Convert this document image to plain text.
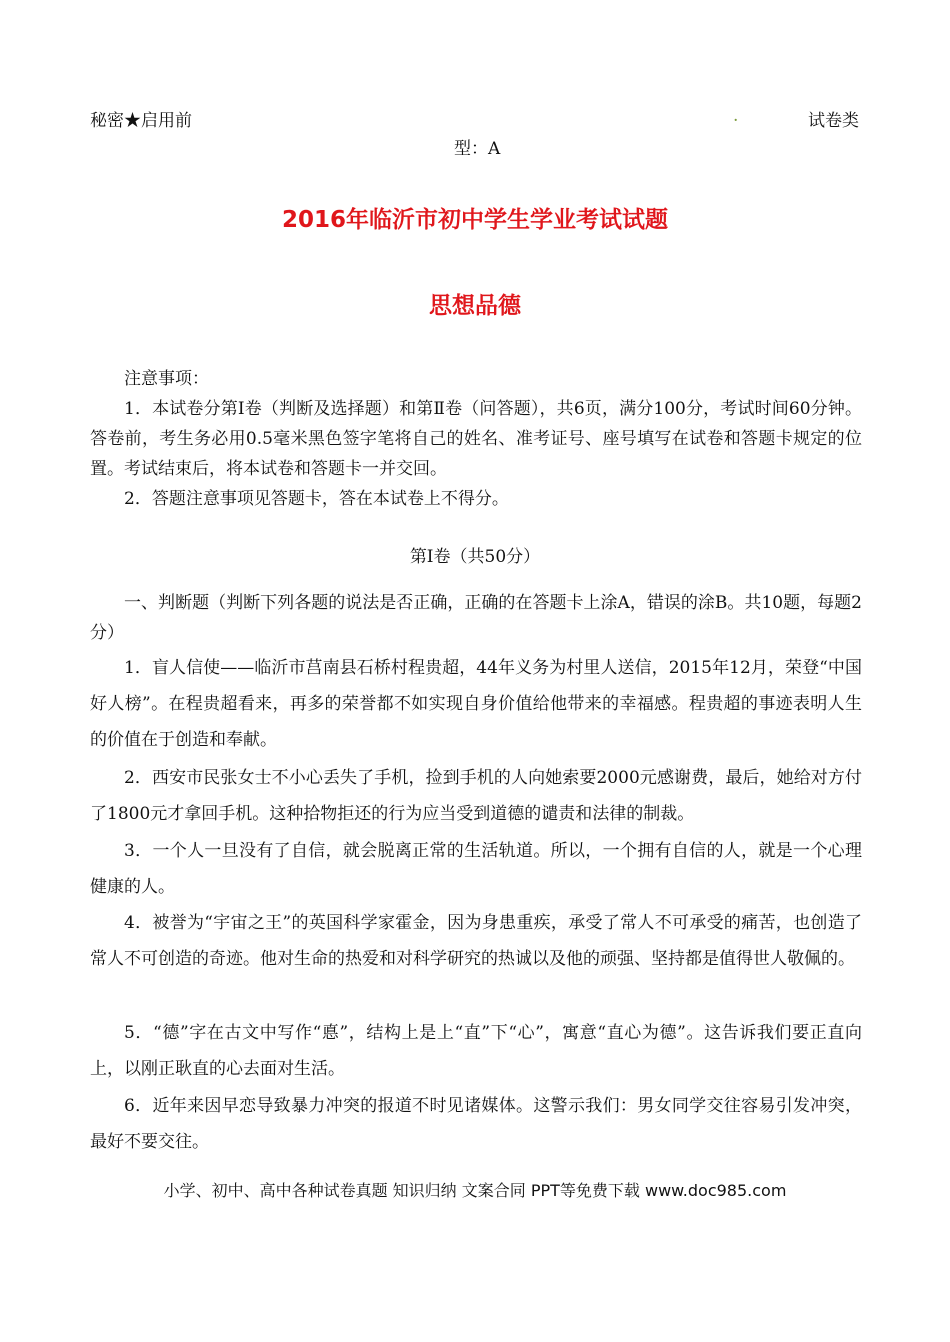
秘密★启用前	.	试卷类
型：A
2016年临沂市初中学生学业考试试题
思想品德
注意事项：
1．本试卷分第Ⅰ卷（判断及选择题）和第Ⅱ卷（问答题），共6页，满分100分，考试时间60分钟。答卷前，考生务必用0.5毫米黑色签字笔将自己的姓名、准考证号、座号填写在试卷和答题卡规定的位置。考试结束后，将本试卷和答题卡一并交回。
2．答题注意事项见答题卡，答在本试卷上不得分。
第Ⅰ卷（共50分）
一、判断题（判断下列各题的说法是否正确，正确的在答题卡上涂A，错误的涂B。共10题，每题2分）
1．盲人信使——临沂市莒南县石桥村程贵超，44年义务为村里人送信，2015年12月，荣登“中国好人榜”。在程贵超看来，再多的荣誉都不如实现自身价值给他带来的幸福感。程贵超的事迹表明人生的价值在于创造和奉献。
2．西安市民张女士不小心丢失了手机，捡到手机的人向她索要2000元感谢费，最后，她给对方付了1800元才拿回手机。这种拾物拒还的行为应当受到道德的谴责和法律的制裁。
3．一个人一旦没有了自信，就会脱离正常的生活轨道。所以，一个拥有自信的人，就是一个心理健康的人。
4．被誉为“宇宙之王”的英国科学家霍金，因为身患重疾，承受了常人不可承受的痛苦，也创造了常人不可创造的奇迹。他对生命的热爱和对科学研究的热诚以及他的顽强、坚持都是值得世人敬佩的。
5．“德”字在古文中写作“悳”，结构上是上“直”下“心”，寓意“直心为德”。这告诉我们要正直向上，以刚正耿直的心去面对生活。
6．近年来因早恋导致暴力冲突的报道不时见诸媒体。这警示我们：男女同学交往容易引发冲突，最好不要交往。
小学、初中、高中各种试卷真题 知识归纳 文案合同 PPT等免费下载 www.doc985.com
